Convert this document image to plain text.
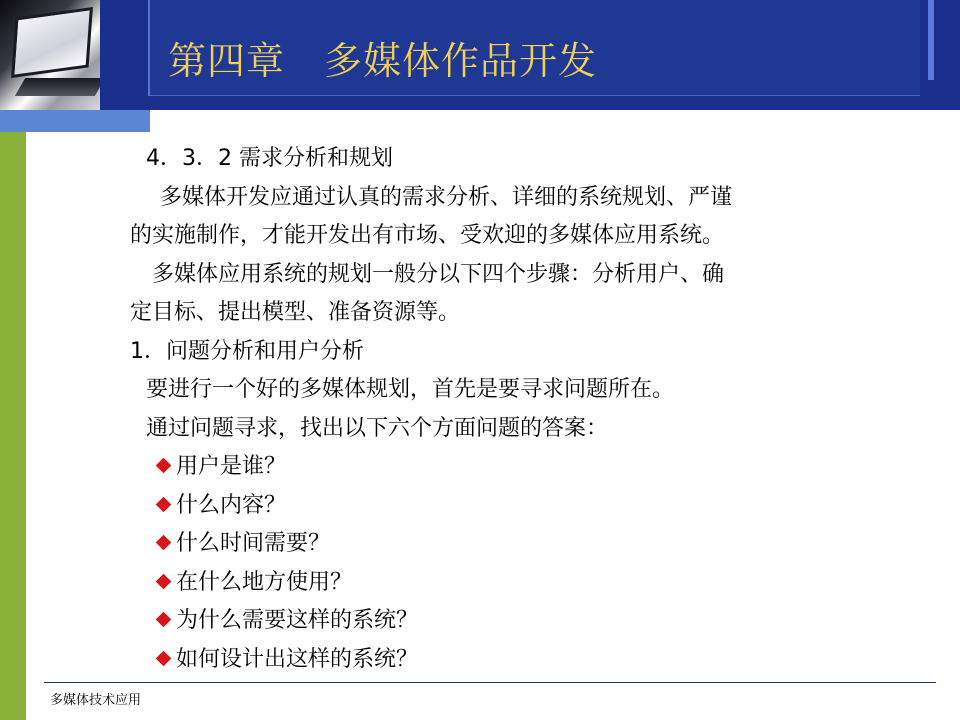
第四章　多媒体作品开发
4．3．2 需求分析和规划
多媒体开发应通过认真的需求分析、详细的系统规划、严谨
的实施制作，才能开发出有市场、受欢迎的多媒体应用系统。
多媒体应用系统的规划一般分以下四个步骤：分析用户、确
定目标、提出模型、准备资源等。
1．问题分析和用户分析
要进行一个好的多媒体规划，首先是要寻求问题所在。
通过问题寻求，找出以下六个方面问题的答案：
用户是谁？
什么内容？
什么时间需要？
在什么地方使用？
为什么需要这样的系统？
如何设计出这样的系统？
多媒体技术应用
